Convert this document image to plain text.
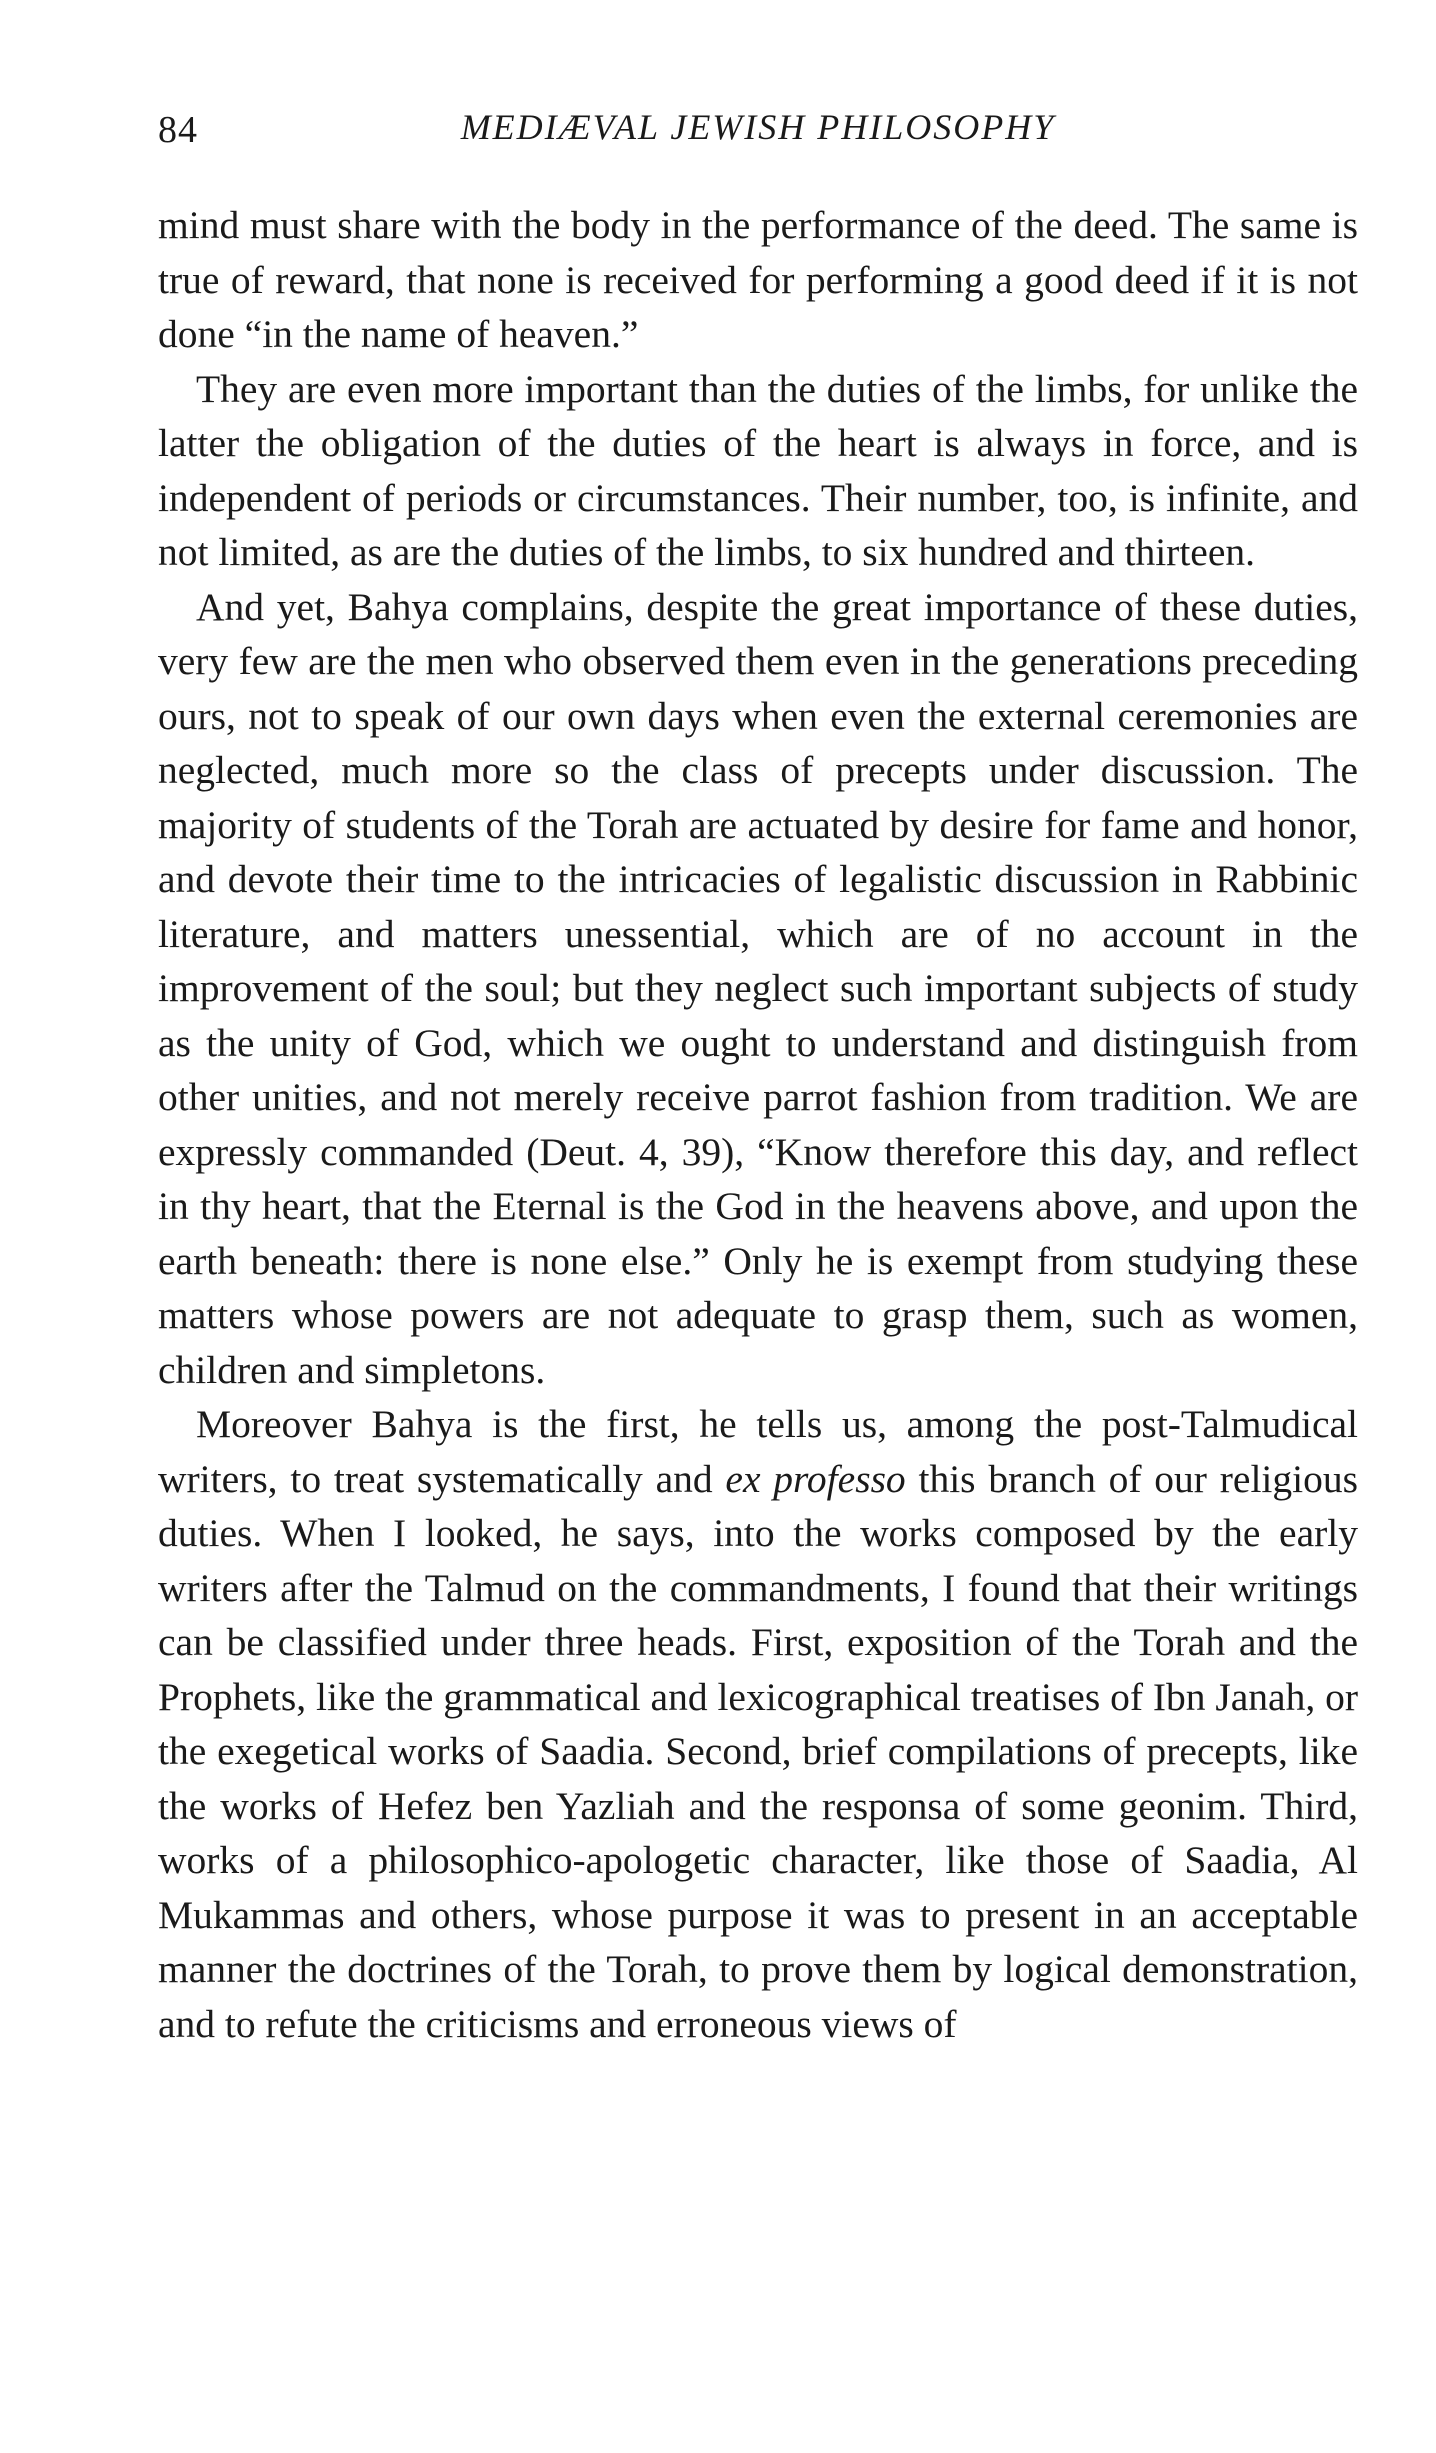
84	MEDIÆVAL JEWISH PHILOSOPHY

mind must share with the body in the performance of the deed. The same is true of reward, that none is received for performing a good deed if it is not done “in the name of heaven.”

They are even more important than the duties of the limbs, for unlike the latter the obligation of the duties of the heart is always in force, and is independent of periods or circumstances. Their number, too, is infinite, and not limited, as are the duties of the limbs, to six hundred and thirteen.

And yet, Bahya complains, despite the great importance of these duties, very few are the men who observed them even in the generations preceding ours, not to speak of our own days when even the external ceremonies are neglected, much more so the class of precepts under discussion. The majority of students of the Torah are actuated by desire for fame and honor, and devote their time to the intricacies of legalistic discussion in Rabbinic literature, and matters unessential, which are of no account in the improvement of the soul; but they neglect such important subjects of study as the unity of God, which we ought to understand and distinguish from other unities, and not merely receive parrot fashion from tradition. We are expressly commanded (Deut. 4, 39), “Know therefore this day, and reflect in thy heart, that the Eternal is the God in the heavens above, and upon the earth beneath: there is none else.” Only he is exempt from studying these matters whose powers are not adequate to grasp them, such as women, children and simpletons.

Moreover Bahya is the first, he tells us, among the post-Talmudical writers, to treat systematically and ex professo this branch of our religious duties. When I looked, he says, into the works composed by the early writers after the Talmud on the commandments, I found that their writings can be classified under three heads. First, exposition of the Torah and the Prophets, like the grammatical and lexicographical treatises of Ibn Janah, or the exegetical works of Saadia. Second, brief compilations of precepts, like the works of Hefez ben Yazliah and the responsa of some geonim. Third, works of a philosophico-apologetic character, like those of Saadia, Al Mukammas and others, whose purpose it was to present in an acceptable manner the doctrines of the Torah, to prove them by logical demonstration, and to refute the criticisms and erroneous views of
